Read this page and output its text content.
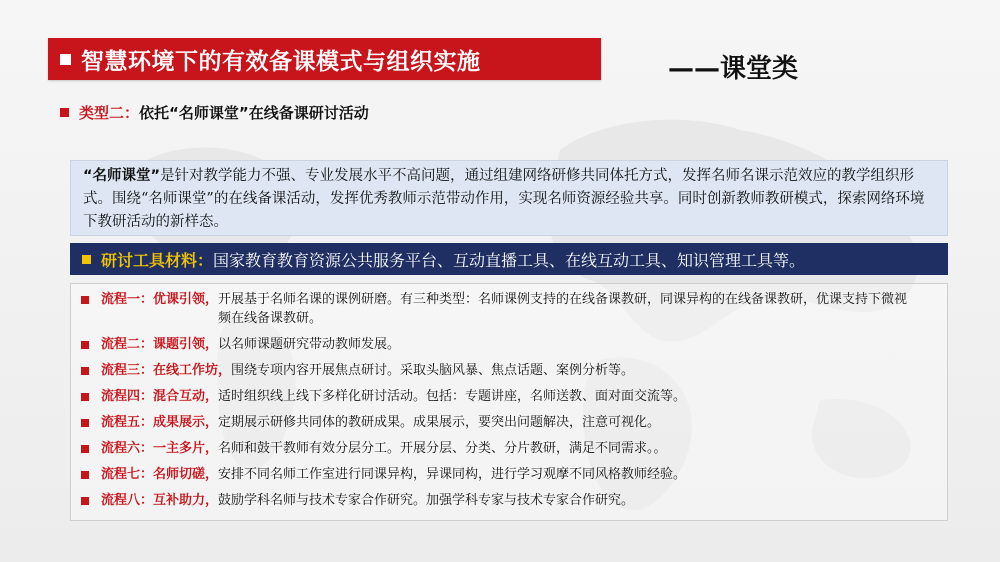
智慧环境下的有效备课模式与组织实施	——课堂类
类型二： 依托“名师课堂”在线备课研讨活动
“名师课堂”是针对教学能力不强、专业发展水平不高问题，通过组建网络研修共同体托方式，发挥名师名课示范效应的教学组织形式。围绕“名师课堂”的在线备课活动，发挥优秀教师示范带动作用，实现名师资源经验共享。同时创新教师教研模式，探索网络环境下教研活动的新样态。
研讨工具材料： 国家教育教育资源公共服务平台、互动直播工具、在线互动工具、知识管理工具等。
流程一：优课引领， 开展基于名师名课的课例研磨。有三种类型：名师课例支持的在线备课教研，同课异构的在线备课教研，优课支持下微视频在线备课教研。
流程二：课题引领， 以名师课题研究带动教师发展。
流程三：在线工作坊， 围绕专项内容开展焦点研讨。采取头脑风暴、焦点话题、案例分析等。
流程四：混合互动， 适时组织线上线下多样化研讨活动。包括：专题讲座，名师送教、面对面交流等。
流程五：成果展示， 定期展示研修共同体的教研成果。成果展示，要突出问题解决，注意可视化。
流程六：一主多片， 名师和鼓干教师有效分层分工。开展分层、分类、分片教研，满足不同需求。。
流程七：名师切磋， 安排不同名师工作室进行同课异构，异课同构，进行学习观摩不同风格教师经验。
流程八：互补助力， 鼓励学科名师与技术专家合作研究。加强学科专家与技术专家合作研究。
